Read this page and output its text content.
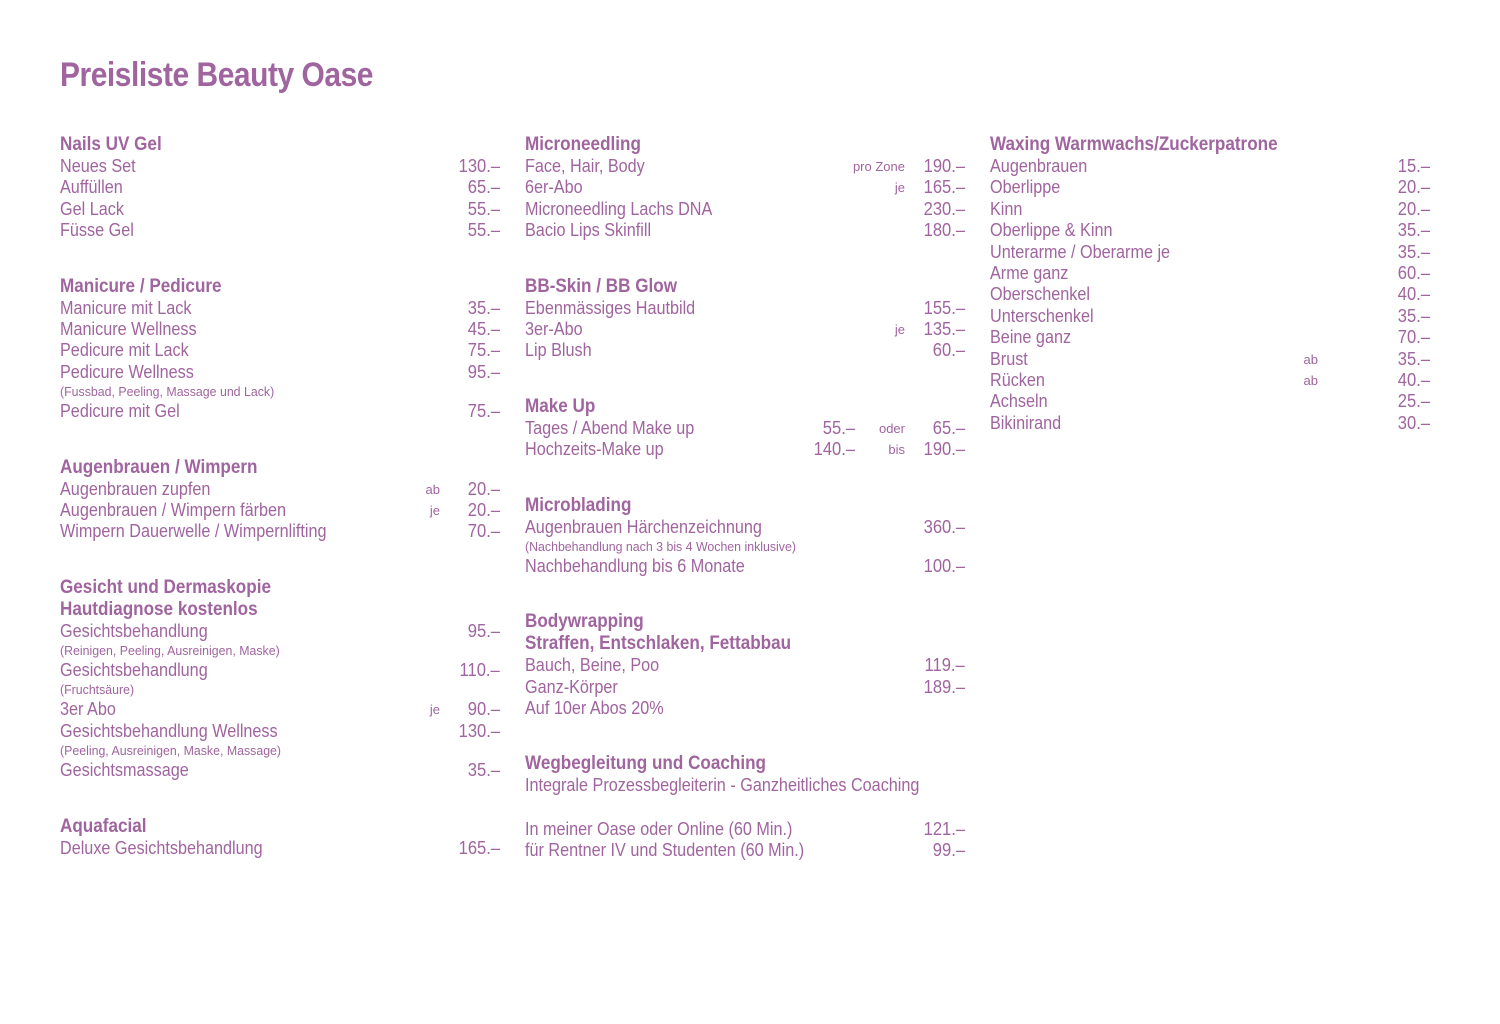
Preisliste Beauty Oase
Nails UV Gel
Neues Set	130.–
Auffüllen	65.–
Gel Lack	55.–
Füsse Gel	55.–
Manicure / Pedicure
Manicure mit Lack	35.–
Manicure Wellness	45.–
Pedicure mit Lack	75.–
Pedicure Wellness	95.–
(Fussbad, Peeling, Massage und Lack)
Pedicure mit Gel	75.–
Augenbrauen / Wimpern
Augenbrauen zupfen	ab 20.–
Augenbrauen / Wimpern färben	je 20.–
Wimpern Dauerwelle / Wimpernlifting	70.–
Gesicht und Dermaskopie
Hautdiagnose kostenlos
Gesichtsbehandlung	95.–
(Reinigen, Peeling, Ausreinigen, Maske)
Gesichtsbehandlung	110.–
(Fruchtsäure)
3er Abo	je 90.–
Gesichtsbehandlung Wellness	130.–
(Peeling, Ausreinigen, Maske, Massage)
Gesichtsmassage	35.–
Aquafacial
Deluxe Gesichtsbehandlung	165.–
Microneedling
Face, Hair, Body	pro Zone 190.–
6er-Abo	je 165.–
Microneedling Lachs DNA	230.–
Bacio Lips Skinfill	180.–
BB-Skin / BB Glow
Ebenmässiges Hautbild	155.–
3er-Abo	je 135.–
Lip Blush	60.–
Make Up
Tages / Abend Make up	55.– oder 65.–
Hochzeits-Make up	140.–	bis 190.–
Microblading
Augenbrauen Härchenzeichnung	360.–
(Nachbehandlung nach 3 bis 4 Wochen inklusive)
Nachbehandlung bis 6 Monate	100.–
Bodywrapping
Straffen, Entschlaken, Fettabbau
Bauch, Beine, Poo	119.–
Ganz-Körper	189.–
Auf 10er Abos 20%
Wegbegleitung und Coaching
Integrale Prozessbegleiterin - Ganzheitliches Coaching
In meiner Oase oder Online (60 Min.)	121.–
für Rentner IV und Studenten (60 Min.)	99.–
Waxing Warmwachs/Zuckerpatrone
Augenbrauen	15.–
Oberlippe	20.–
Kinn	20.–
Oberlippe & Kinn	35.–
Unterarme / Oberarme je	35.–
Arme ganz	60.–
Oberschenkel	40.–
Unterschenkel	35.–
Beine ganz	70.–
Brust	ab	35.–
Rücken	ab	40.–
Achseln	25.–
Bikinirand	30.–
